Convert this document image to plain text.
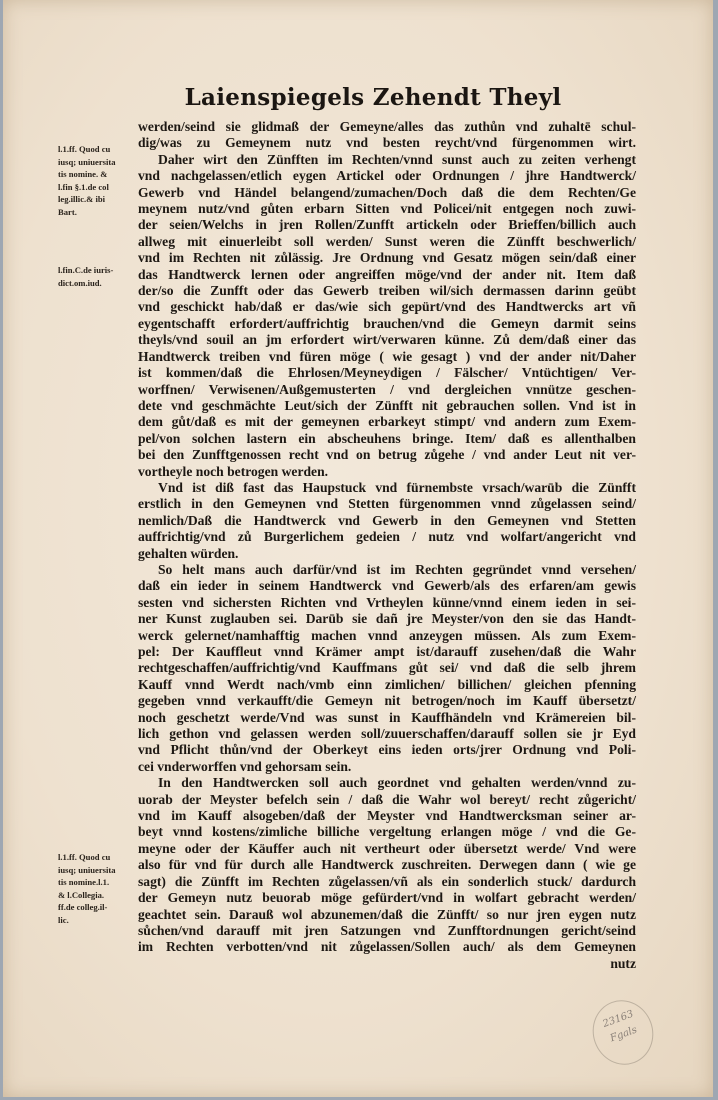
Laienspiegels Zehendt Theyl
werden/seind sie glidmaß der Gemeyne/alles das zuthůn vnd zuhaltē schul-
dig/was zu Gemeynem nutz vnd besten reycht/vnd fürgenommen wirt.
Daher wirt den Zünfften im Rechten/vnnd sunst auch zu zeiten verhengt
vnd nachgelassen/etlich eygen Artickel oder Ordnungen / jhre Handtwerck/
Gewerb vnd Händel belangend/zumachen/Doch daß die dem Rechten/Ge
meynem nutz/vnd gůten erbarn Sitten vnd Policei/nit entgegen noch zuwi-
der seien/Welchs in jren Rollen/Zunfft artickeln oder Brieffen/billich auch
allweg mit einuerleibt soll werden/ Sunst weren die Zünfft beschwerlich/
vnd im Rechten nit zůlässig. Jre Ordnung vnd Gesatz mögen sein/daß einer
das Handtwerck lernen oder angreiffen möge/vnd der ander nit. Item daß
der/so die Zunfft oder das Gewerb treiben wil/sich dermassen darinn geübt
vnd geschickt hab/daß er das/wie sich gepürt/vnd des Handtwercks art vñ
eygentschafft erfordert/auffrichtig brauchen/vnd die Gemeyn darmit seins
theyls/vnd souil an jm erfordert wirt/verwaren künne. Zů dem/daß einer das
Handtwerck treiben vnd füren möge ( wie gesagt ) vnd der ander nit/Daher
ist kommen/daß die Ehrlosen/Meyneydigen / Fälscher/ Vntüchtigen/ Ver-
worffnen/ Verwisenen/Außgemusterten / vnd dergleichen vnnütze geschen-
dete vnd geschmächte Leut/sich der Zünfft nit gebrauchen sollen. Vnd ist in
dem gůt/daß es mit der gemeynen erbarkeyt stimpt/ vnd andern zum Exem-
pel/von solchen lastern ein abscheuhens bringe. Item/ daß es allenthalben
bei den Zunfftgenossen recht vnd on betrug zůgehe / vnd ander Leut nit ver-
vortheyle noch betrogen werden.
Vnd ist diß fast das Haupstuck vnd fürnembste vrsach/warūb die Zünfft
erstlich in den Gemeynen vnd Stetten fürgenommen vnnd zůgelassen seind/
nemlich/Daß die Handtwerck vnd Gewerb in den Gemeynen vnd Stetten
auffrichtig/vnd zů Burgerlichem gedeien / nutz vnd wolfart/angericht vnd
gehalten würden.
So helt mans auch darfür/vnd ist im Rechten gegründet vnnd versehen/
daß ein ieder in seinem Handtwerck vnd Gewerb/als des erfaren/am gewis
sesten vnd sichersten Richten vnd Vrtheylen künne/vnnd einem ieden in sei-
ner Kunst zuglauben sei. Darūb sie dañ jre Meyster/von den sie das Handt-
werck gelernet/namhafftig machen vnnd anzeygen müssen. Als zum Exem-
pel: Der Kauffleut vnnd Krämer ampt ist/darauff zusehen/daß die Wahr
rechtgeschaffen/auffrichtig/vnd Kauffmans gůt sei/ vnd daß die selb jhrem
Kauff vnnd Werdt nach/vmb einn zimlichen/ billichen/ gleichen pfenning
gegeben vnnd verkaufft/die Gemeyn nit betrogen/noch im Kauff übersetzt/
noch geschetzt werde/Vnd was sunst in Kauffhändeln vnd Krämereien bil-
lich gethon vnd gelassen werden soll/zuuerschaffen/darauff sollen sie jr Eyd
vnd Pflicht thůn/vnd der Oberkeyt eins ieden orts/jrer Ordnung vnd Poli-
cei vnderworffen vnd gehorsam sein.
In den Handtwercken soll auch geordnet vnd gehalten werden/vnnd zu-
uorab der Meyster befelch sein / daß die Wahr wol bereyt/ recht zůgericht/
vnd im Kauff alsogeben/daß der Meyster vnd Handtwercksman seiner ar-
beyt vnnd kostens/zimliche billiche vergeltung erlangen möge / vnd die Ge-
meyne oder der Käuffer auch nit vertheurt oder übersetzt werde/ Vnd were
also für vnd für durch alle Handtwerck zuschreiten. Derwegen dann ( wie ge
sagt) die Zünfft im Rechten zůgelassen/vñ als ein sonderlich stuck/ dardurch
der Gemeyn nutz beuorab möge gefürdert/vnd in wolfart gebracht werden/
geachtet sein. Darauß wol abzunemen/daß die Zünfft/ so nur jren eygen nutz
sůchen/vnd darauff mit jren Satzungen vnd Zunfftordnungen gericht/seind
im Rechten verbotten/vnd nit zůgelassen/Sollen auch/ als dem Gemeynen
nutz
l.1.ff. Quod cu
iusq; uniuersita
tis nomine. &
l.fin §.1.de col
leg.illic.& ibi
Bart.
l.fin.C.de iuris-
dict.om.iud.
l.1.ff. Quod cu
iusq; uniuersita
tis nomine.l.1.
& l.Collegia.
ff.de colleg.il-
lic.
23163
Fgals
